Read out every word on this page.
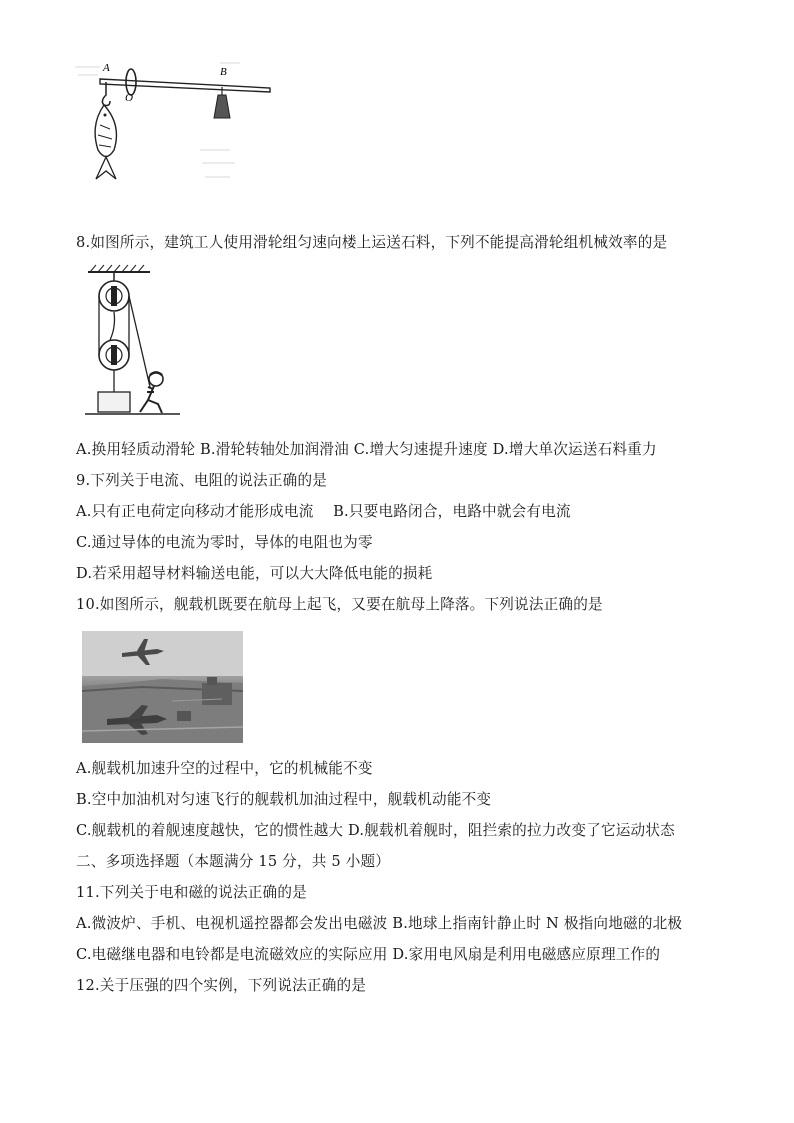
A
O
B
8.如图所示，建筑工人使用滑轮组匀速向楼上运送石料，下列不能提高滑轮组机械效率的是
A.换用轻质动滑轮 B.滑轮转轴处加润滑油 C.增大匀速提升速度 D.增大单次运送石料重力
9.下列关于电流、电阻的说法正确的是
A.只有正电荷定向移动才能形成电流　 B.只要电路闭合，电路中就会有电流
C.通过导体的电流为零时，导体的电阻也为零
D.若采用超导材料输送电能，可以大大降低电能的损耗
10.如图所示，舰载机既要在航母上起飞，又要在航母上降落。下列说法正确的是
A.舰载机加速升空的过程中，它的机械能不变
B.空中加油机对匀速飞行的舰载机加油过程中，舰载机动能不变
C.舰载机的着舰速度越快，它的惯性越大 D.舰载机着舰时，阻拦索的拉力改变了它运动状态
二、多项选择题（本题满分 15 分，共 5 小题）
11.下列关于电和磁的说法正确的是
A.微波炉、手机、电视机遥控器都会发出电磁波 B.地球上指南针静止时 N 极指向地磁的北极
C.电磁继电器和电铃都是电流磁效应的实际应用 D.家用电风扇是利用电磁感应原理工作的
12.关于压强的四个实例，下列说法正确的是
